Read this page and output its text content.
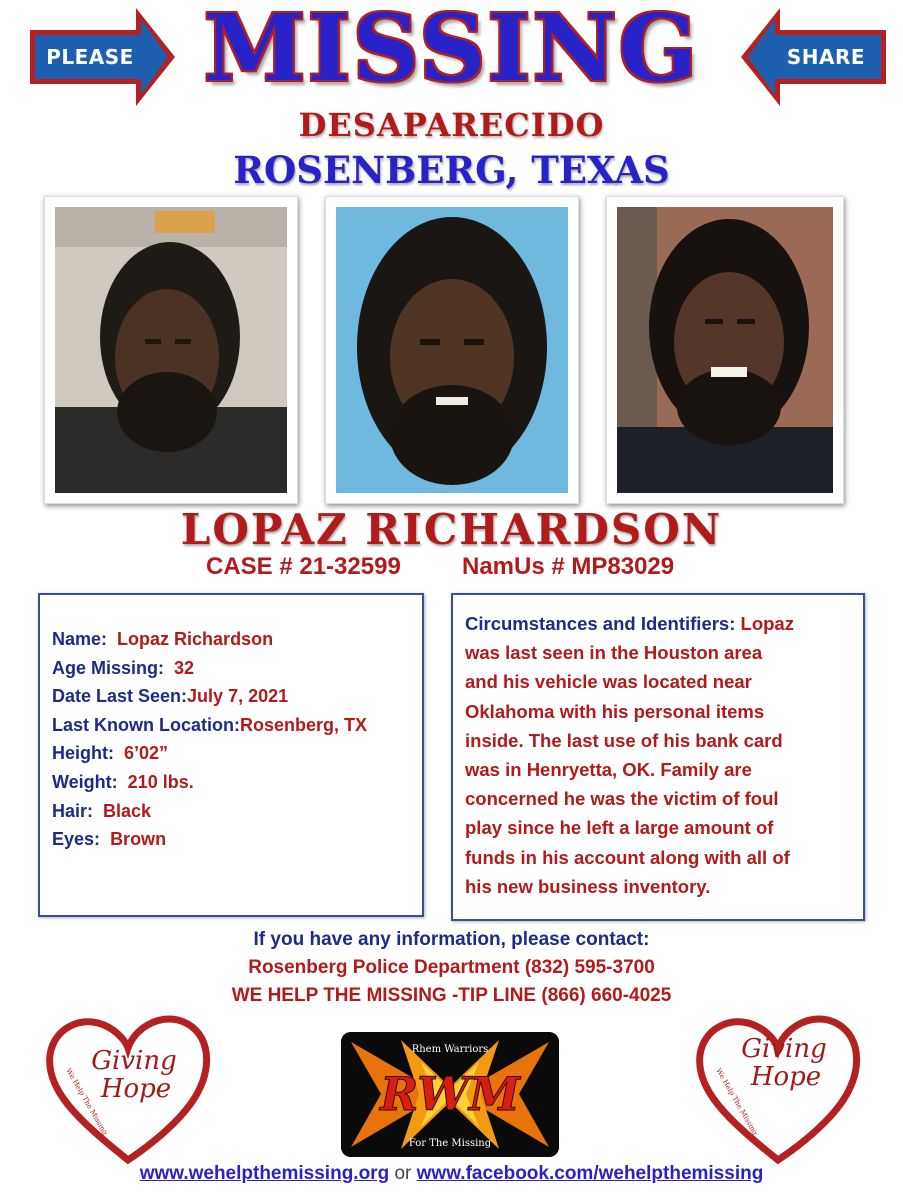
PLEASE	SHARE
MISSING
DESAPARECIDO
ROSENBERG, TEXAS
LOPAZ RICHARDSON
CASE # 21-32599	NamUs # MP83029
Name: Lopaz Richardson
Age Missing: 32
Date Last Seen:July 7, 2021
Last Known Location:Rosenberg, TX
Height: 6’02”
Weight: 210 lbs.
Hair: Black
Eyes: Brown
Circumstances and Identifiers: Lopaz
was last seen in the Houston area
and his vehicle was located near
Oklahoma with his personal items
inside. The last use of his bank card
was in Henryetta, OK. Family are
concerned he was the victim of foul
play since he left a large amount of
funds in his account along with all of
his new business inventory.
If you have any information, please contact:
Rosenberg Police Department (832) 595-3700
WE HELP THE MISSING -TIP LINE (866) 660-4025
We Help The Missing
Giving
Hope
Rhem Warriors
RWM
For The Missing
We Help The Missing
Giving
Hope
www.wehelpthemissing.org or www.facebook.com/wehelpthemissing
